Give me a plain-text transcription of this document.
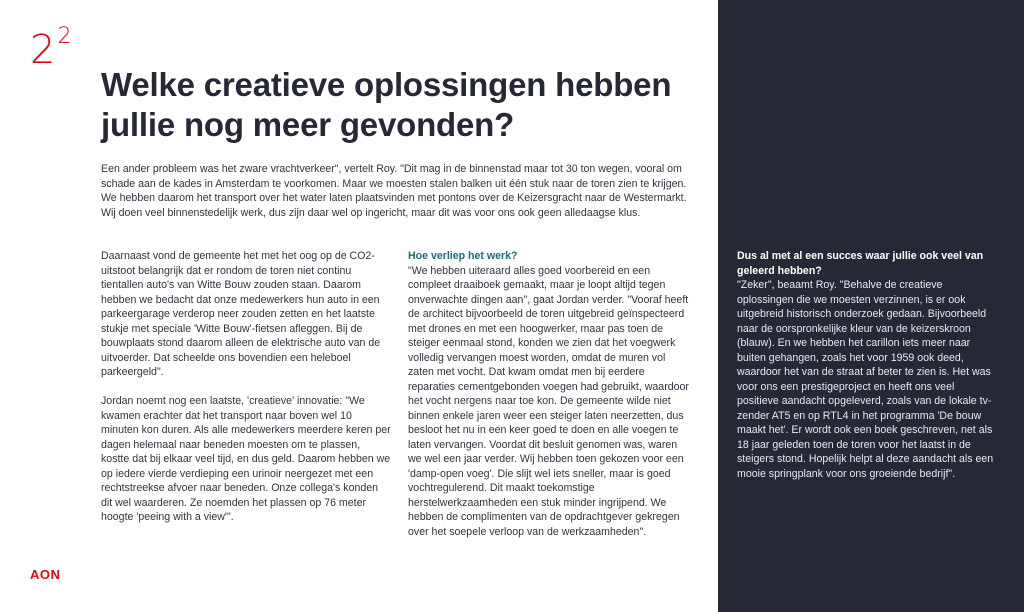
$2^2$
Welke creatieve oplossingen hebben jullie nog meer gevonden?

Een ander probleem was het zware vrachtverkeer", vertelt Roy. "Dit mag in de binnenstad maar tot 30 ton wegen, vooral om schade aan de kades in Amsterdam te voorkomen. Maar we moesten stalen balken uit één stuk naar de toren zien te krijgen. We hebben daarom het transport over het water laten plaatsvinden met pontons over de Keizersgracht naar de Westermarkt. Wij doen veel binnenstedelijk werk, dus zijn daar wel op ingericht, maar dit was voor ons ook geen alledaagse klus.

Daarnaast vond de gemeente het met het oog op de CO2-uitstoot belangrijk dat er rondom de toren niet continu tientallen auto's van Witte Bouw zouden staan. Daarom hebben we bedacht dat onze medewerkers hun auto in een parkeergarage verderop neer zouden zetten en het laatste stukje met speciale 'Witte Bouw'-fietsen afleggen. Bij de bouwplaats stond daarom alleen de elektrische auto van de uitvoerder. Dat scheelde ons bovendien een heleboel parkeergeld".

Jordan noemt nog een laatste, 'creatieve' innovatie: "We kwamen erachter dat het transport naar boven wel 10 minuten kon duren. Als alle medewerkers meerdere keren per dagen helemaal naar beneden moesten om te plassen, kostte dat bij elkaar veel tijd, en dus geld. Daarom hebben we op iedere vierde verdieping een urinoir neergezet met een rechtstreekse afvoer naar beneden. Onze collega's konden dit wel waarderen. Ze noemden het plassen op 76 meter hoogte 'peeing with a view'".

Hoe verliep het werk?
"We hebben uiteraard alles goed voorbereid en een compleet draaiboek gemaakt, maar je loopt altijd tegen onverwachte dingen aan", gaat Jordan verder. "Vooraf heeft de architect bijvoorbeeld de toren uitgebreid geïnspecteerd met drones en met een hoogwerker, maar pas toen de steiger eenmaal stond, konden we zien dat het voegwerk volledig vervangen moest worden, omdat de muren vol zaten met vocht. Dat kwam omdat men bij eerdere reparaties cementgebonden voegen had gebruikt, waardoor het vocht nergens naar toe kon. De gemeente wilde niet binnen enkele jaren weer een steiger laten neerzetten, dus besloot het nu in een keer goed te doen en alle voegen te laten vervangen. Voordat dit besluit genomen was, waren we wel een jaar verder. Wij hebben toen gekozen voor een 'damp-open voeg'. Die slijt wel iets sneller, maar is goed vochtregulerend. Dit maakt toekomstige herstelwerkzaamheden een stuk minder ingrijpend. We hebben de complimenten van de opdrachtgever gekregen over het soepele verloop van de werkzaamheden".
Dus al met al een succes waar jullie ook veel van geleerd hebben?
"Zeker", beaamt Roy. "Behalve de creatieve oplossingen die we moesten verzinnen, is er ook uitgebreid historisch onderzoek gedaan. Bijvoorbeeld naar de oorspronkelijke kleur van de keizerskroon (blauw). En we hebben het carillon iets meer naar buiten gehangen, zoals het voor 1959 ook deed, waardoor het van de straat af beter te zien is. Het was voor ons een prestigeproject en heeft ons veel positieve aandacht opgeleverd, zoals van de lokale tv-zender AT5 en op RTL4 in het programma 'De bouw maakt het'. Er wordt ook een boek geschreven, net als 18 jaar geleden toen de toren voor het laatst in de steigers stond. Hopelijk helpt al deze aandacht als een mooie springplank voor ons groeiende bedrijf".
AON
